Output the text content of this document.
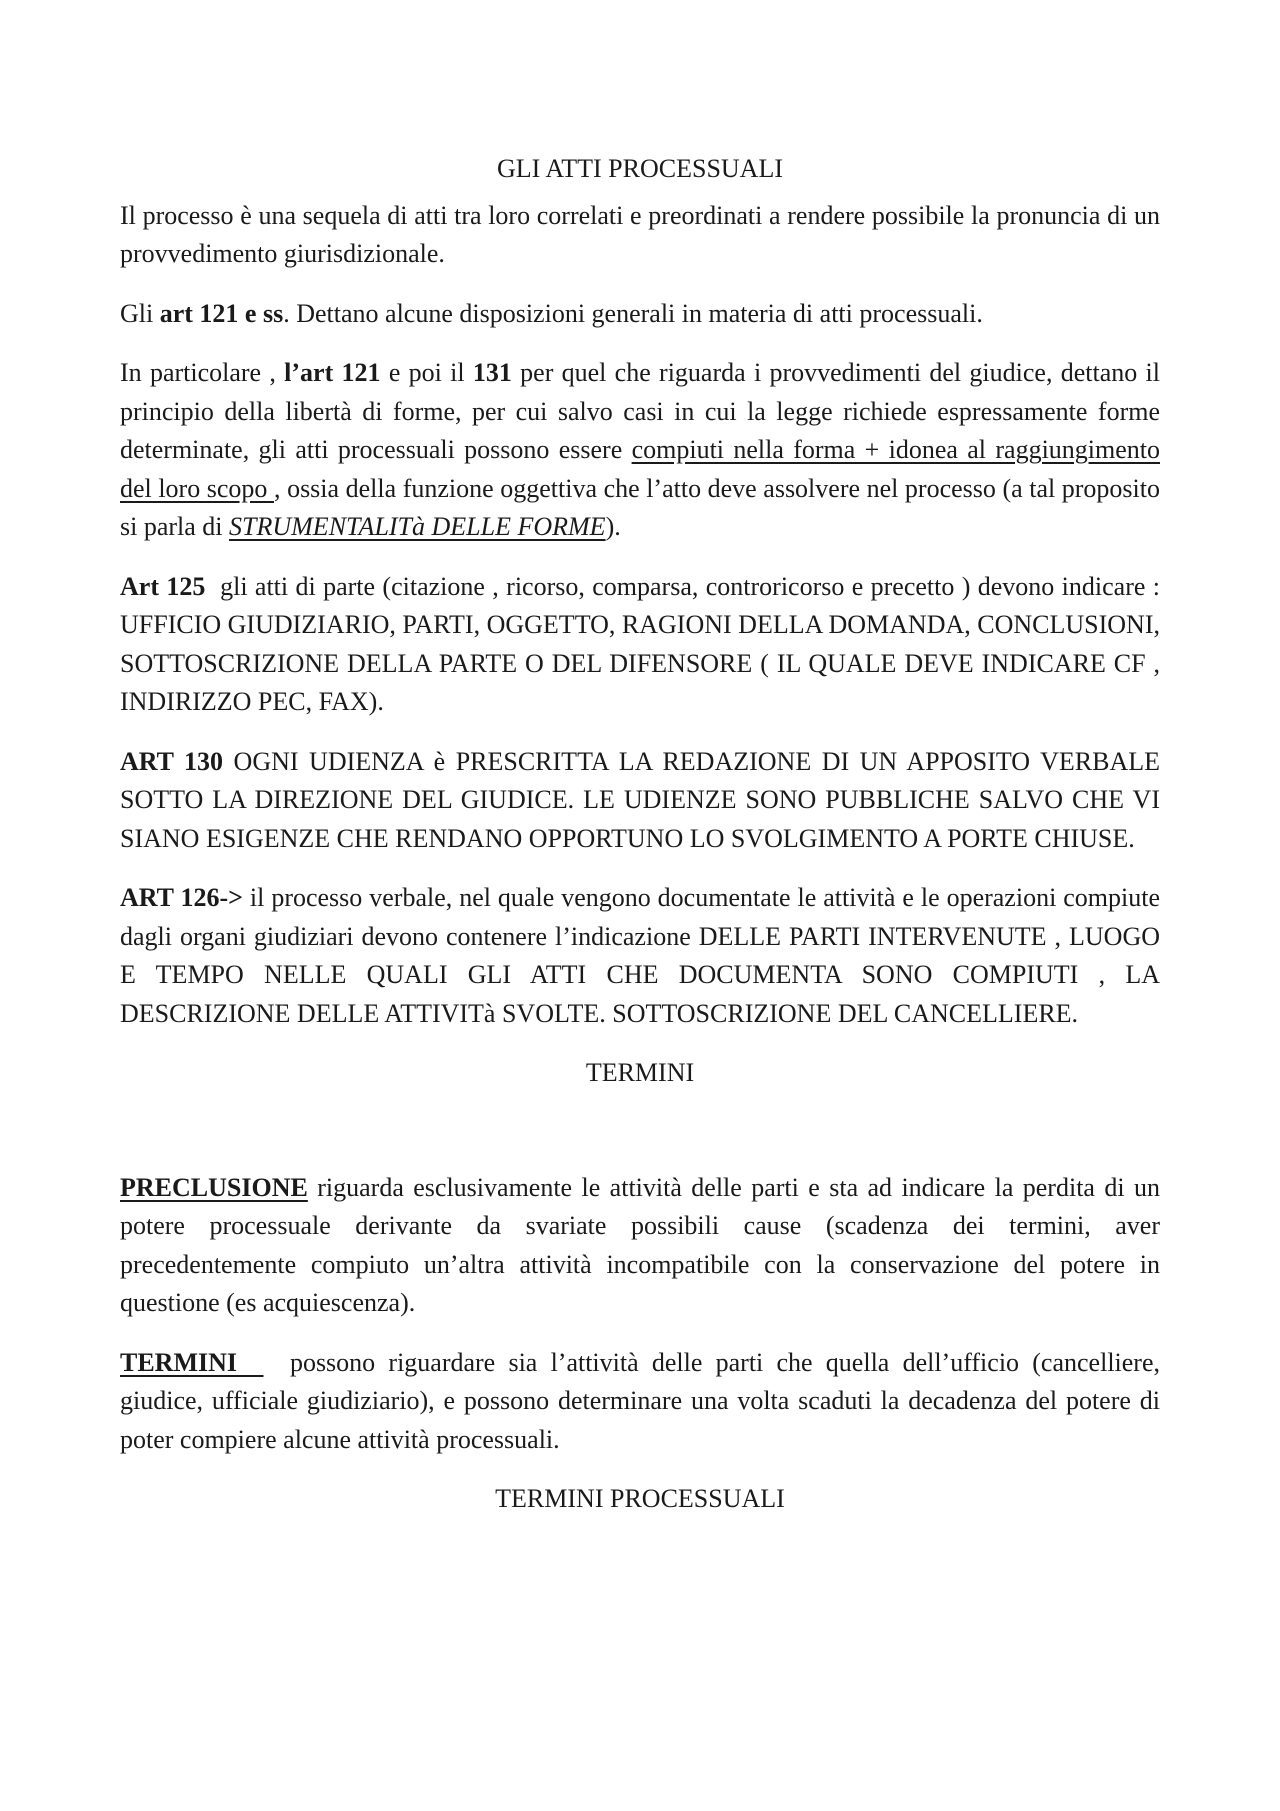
GLI ATTI PROCESSUALI

Il processo è una sequela di atti tra loro correlati e preordinati a rendere possibile la pronuncia di un provvedimento giurisdizionale.

Gli art 121 e ss. Dettano alcune disposizioni generali in materia di atti processuali.

In particolare , l’art 121 e poi il 131 per quel che riguarda i provvedimenti del giudice, dettano il principio della libertà di forme, per cui salvo casi in cui la legge richiede espressamente forme determinate, gli atti processuali possono essere compiuti nella forma + idonea al raggiungimento del loro scopo , ossia della funzione oggettiva che l’atto deve assolvere nel processo (a tal proposito si parla di STRUMENTALITà DELLE FORME).

Art 125  gli atti di parte (citazione , ricorso, comparsa, controricorso e precetto ) devono indicare : UFFICIO GIUDIZIARIO, PARTI, OGGETTO, RAGIONI DELLA DOMANDA, CONCLUSIONI, SOTTOSCRIZIONE DELLA PARTE O DEL DIFENSORE ( IL QUALE DEVE INDICARE CF , INDIRIZZO PEC, FAX).

ART 130 OGNI UDIENZA è PRESCRITTA LA REDAZIONE DI UN APPOSITO VERBALE SOTTO LA DIREZIONE DEL GIUDICE. LE UDIENZE SONO PUBBLICHE SALVO CHE VI SIANO ESIGENZE CHE RENDANO OPPORTUNO LO SVOLGIMENTO A PORTE CHIUSE.

ART 126-> il processo verbale, nel quale vengono documentate le attività e le operazioni compiute dagli organi giudiziari devono contenere l’indicazione DELLE PARTI INTERVENUTE , LUOGO E TEMPO NELLE QUALI GLI ATTI CHE DOCUMENTA SONO COMPIUTI , LA DESCRIZIONE DELLE ATTIVITà SVOLTE. SOTTOSCRIZIONE DEL CANCELLIERE.

TERMINI

PRECLUSIONE riguarda esclusivamente le attività delle parti e sta ad indicare la perdita di un potere processuale derivante da svariate possibili cause (scadenza dei termini, aver precedentemente compiuto un’altra attività incompatibile con la conservazione del potere in questione (es acquiescenza).

TERMINI    possono riguardare sia l’attività delle parti che quella dell’ufficio (cancelliere, giudice, ufficiale giudiziario), e possono determinare una volta scaduti la decadenza del potere di poter compiere alcune attività processuali.

TERMINI PROCESSUALI
